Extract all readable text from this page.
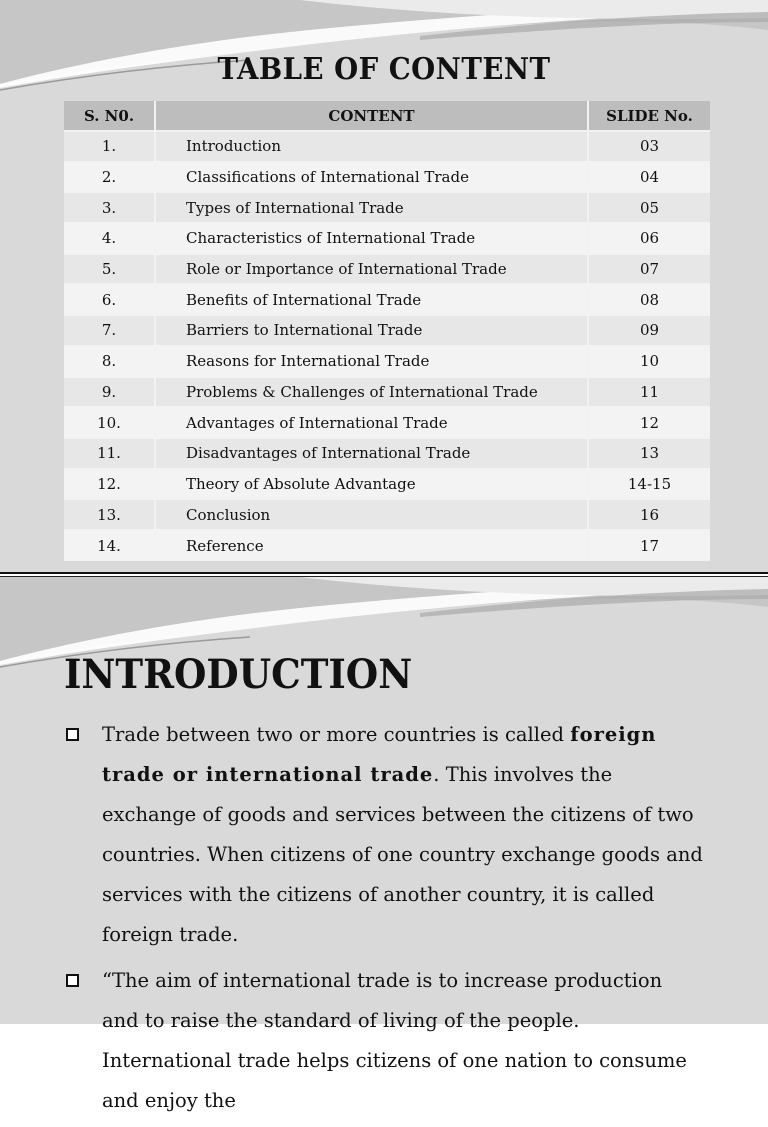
TABLE OF CONTENT
S. N0.	CONTENT	SLIDE No.
1.	Introduction	03
2.	Classifications of International Trade	04
3.	Types of International Trade	05
4.	Characteristics of International Trade	06
5.	Role or Importance of International Trade	07
6.	Benefits of International Trade	08
7.	Barriers to International Trade	09
8.	Reasons for International Trade	10
9.	Problems & Challenges of International Trade	11
10.	Advantages of International Trade	12
11.	Disadvantages of International Trade	13
12.	Theory of Absolute Advantage	14-15
13.	Conclusion	16
14.	Reference	17
INTRODUCTION
Trade between two or more countries is called foreign trade or international trade. This involves the exchange of goods and services between the citizens of two countries. When citizens of one country exchange goods and services with the citizens of another country, it is called foreign trade.
“The aim of international trade is to increase production and to raise the standard of living of the people. International trade helps citizens of one nation to consume and enjoy the
